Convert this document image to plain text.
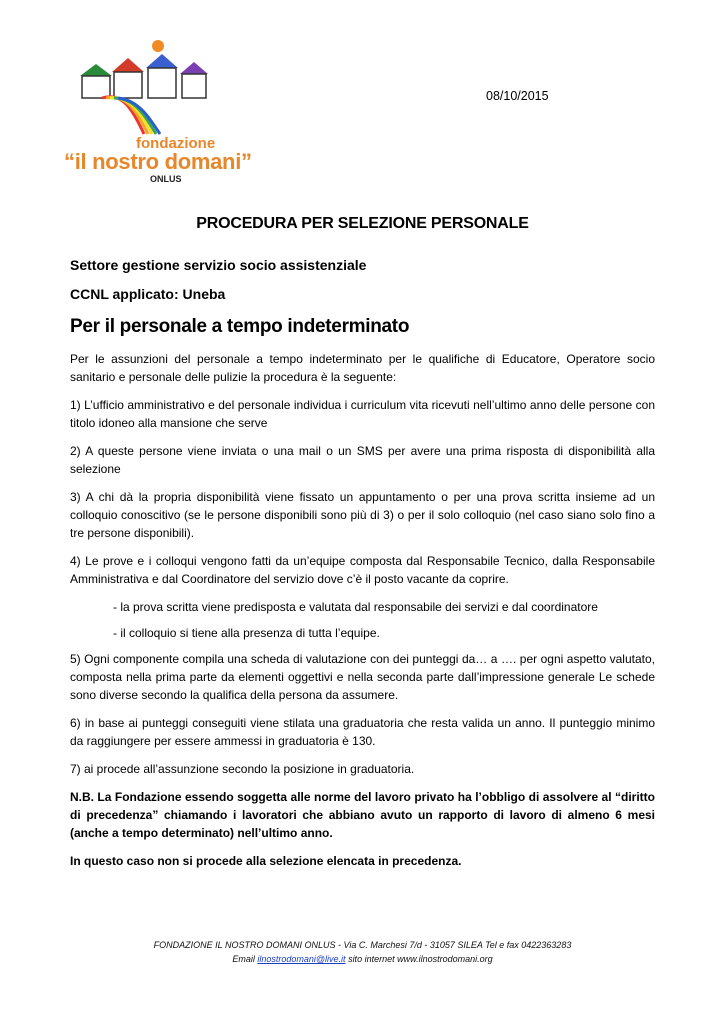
fondazione
“il nostro domani”
ONLUS
08/10/2015
PROCEDURA PER SELEZIONE PERSONALE
Settore gestione servizio socio assistenziale
CCNL applicato: Uneba
Per il personale a tempo indeterminato

Per le assunzioni del personale a tempo indeterminato per le qualifiche di Educatore, Operatore socio sanitario e personale delle pulizie la procedura è la seguente:

1) L’ufficio amministrativo e del personale individua i curriculum vita ricevuti nell’ultimo anno delle persone con titolo idoneo alla mansione che serve

2) A queste persone viene inviata o una mail o un SMS per avere una prima risposta di disponibilità alla selezione

3) A chi dà la propria disponibilità viene fissato un appuntamento o per una prova scritta insieme ad un colloquio conoscitivo (se le persone disponibili sono più di 3) o per il solo colloquio (nel caso siano solo fino a tre persone disponibili).

4) Le prove e i colloqui vengono fatti da un’equipe composta dal Responsabile Tecnico, dalla Responsabile Amministrativa e dal Coordinatore del servizio dove c’è il posto vacante da coprire.

- la prova scritta viene predisposta e valutata dal responsabile dei servizi e dal coordinatore

- il colloquio si tiene alla presenza di tutta l’equipe.

5) Ogni componente compila una scheda di valutazione con dei punteggi da… a …. per ogni aspetto valutato, composta nella prima parte da elementi oggettivi e nella seconda parte dall’impressione generale Le schede sono diverse secondo la qualifica della persona da assumere.

6) in base ai punteggi conseguiti viene stilata una graduatoria che resta valida un anno. Il punteggio minimo da raggiungere per essere ammessi in graduatoria è 130.

7) ai procede all’assunzione secondo la posizione in graduatoria.

N.B. La Fondazione essendo soggetta alle norme del lavoro privato ha l’obbligo di assolvere al “diritto di precedenza” chiamando i lavoratori che abbiano avuto un rapporto di lavoro di almeno 6 mesi (anche a tempo determinato) nell’ultimo anno.

In questo caso non si procede alla selezione elencata in precedenza.

FONDAZIONE IL NOSTRO DOMANI ONLUS - Via C. Marchesi 7/d - 31057 SILEA Tel e fax 0422363283
Email ilnostrodomani@live.it sito internet www.ilnostrodomani.org
